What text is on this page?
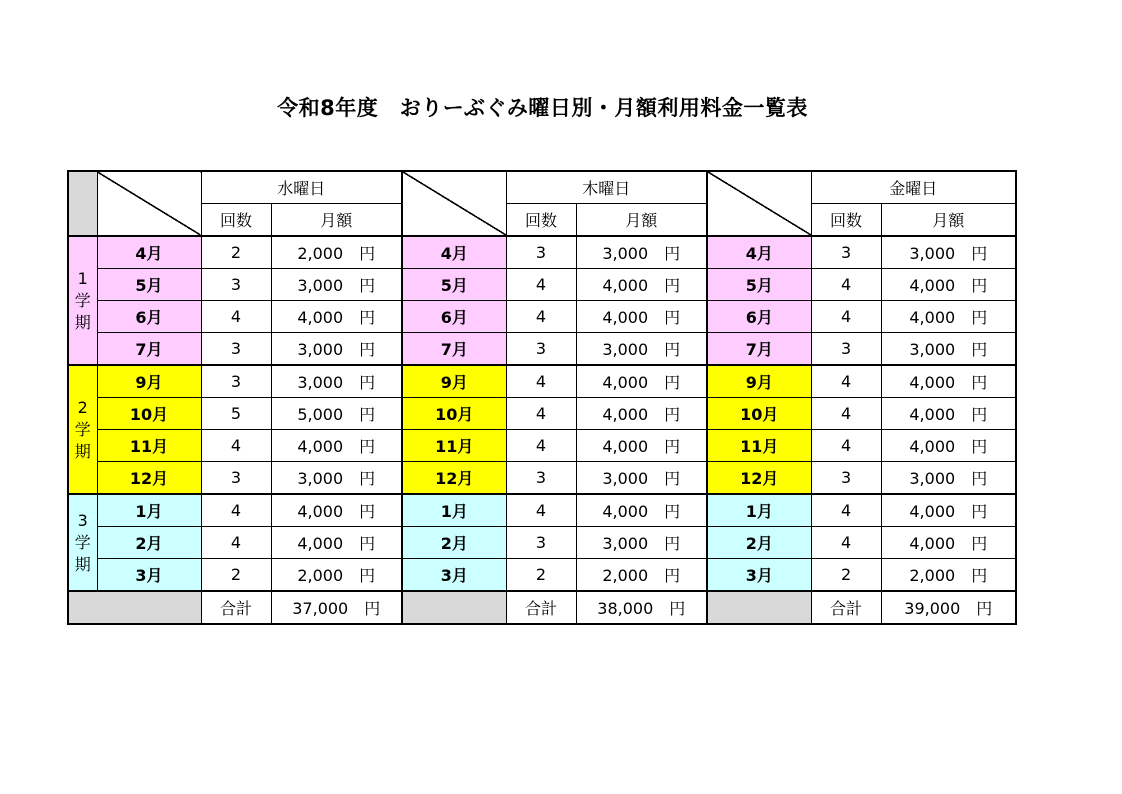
令和8年度　おりーぶぐみ曜日別・月額利用料金一覧表
		水曜日			木曜日			金曜日	
		回数	月額		回数	月額		回数	月額

1
学
期	4月	2	2,000 円	4月	3	3,000 円	4月	3	3,000 円
	5月	3	3,000 円	5月	4	4,000 円	5月	4	4,000 円
	6月	4	4,000 円	6月	4	4,000 円	6月	4	4,000 円
	7月	3	3,000 円	7月	3	3,000 円	7月	3	3,000 円

2
学
期	9月	3	3,000 円	9月	4	4,000 円	9月	4	4,000 円
	10月	5	5,000 円	10月	4	4,000 円	10月	4	4,000 円
	11月	4	4,000 円	11月	4	4,000 円	11月	4	4,000 円
	12月	3	3,000 円	12月	3	3,000 円	12月	3	3,000 円

3
学
期	1月	4	4,000 円	1月	4	4,000 円	1月	4	4,000 円
	2月	4	4,000 円	2月	3	3,000 円	2月	4	4,000 円
	3月	2	2,000 円	3月	2	2,000 円	3月	2	2,000 円
		合計	37,000 円		合計	38,000 円		合計	39,000 円
